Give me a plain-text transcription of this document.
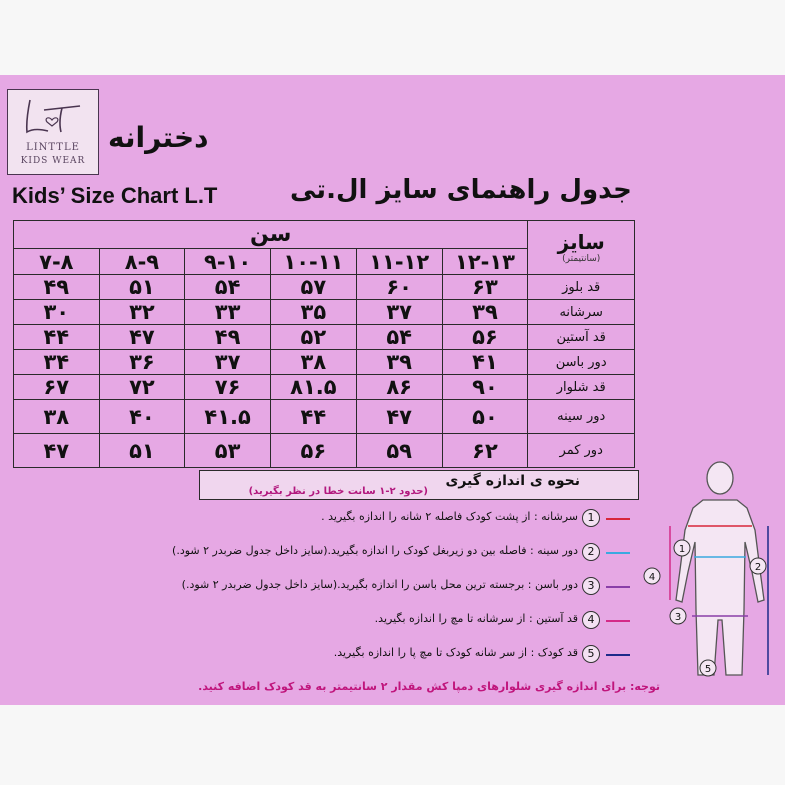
LINTTLE
KIDS WEAR
دخترانه
Kids’ Size Chart L.T	جدول راهنمای سایز ال.تی
سن						سایز
(سانتیمتر)

۷-۸	۸-۹	۹-۱۰	۱۰-۱۱	۱۱-۱۲	۱۲-۱۳	
۴۹	۵۱	۵۴	۵۷	۶۰	۶۳	قد بلوز
۳۰	۳۲	۳۳	۳۵	۳۷	۳۹	سرشانه
۴۴	۴۷	۴۹	۵۲	۵۴	۵۶	قد آستین
۳۴	۳۶	۳۷	۳۸	۳۹	۴۱	دور باسن
۶۷	۷۲	۷۶	۸۱.۵	۸۶	۹۰	قد شلوار
۳۸	۴۰	۴۱.۵	۴۴	۴۷	۵۰	دور سینه
۴۷	۵۱	۵۳	۵۶	۵۹	۶۲	دور کمر
نحوه ی اندازه گیری
(حدود ۲-۱ سانت خطا در نظر بگیرید)
سرشانه : از پشت کودک فاصله ۲ شانه را اندازه بگیرید . 1
دور سینه : فاصله بین دو زیربغل کودک را اندازه بگیرید.(سایز داخل جدول ضربدر ۲ شود.) 2
دور باسن : برجسته ترین محل باسن را اندازه بگیرید.(سایز داخل جدول ضربدر ۲ شود.) 3
قد آستین : از سرشانه تا مچ را اندازه بگیرید. 4
قد کودک : از سر شانه کودک تا مچ پا را اندازه بگیرید. 5
توجه: برای اندازه گیری شلوارهای دمپا کش مقدار ۲ سانتیمتر به قد کودک اضافه کنید.
1
2
3
4
5
